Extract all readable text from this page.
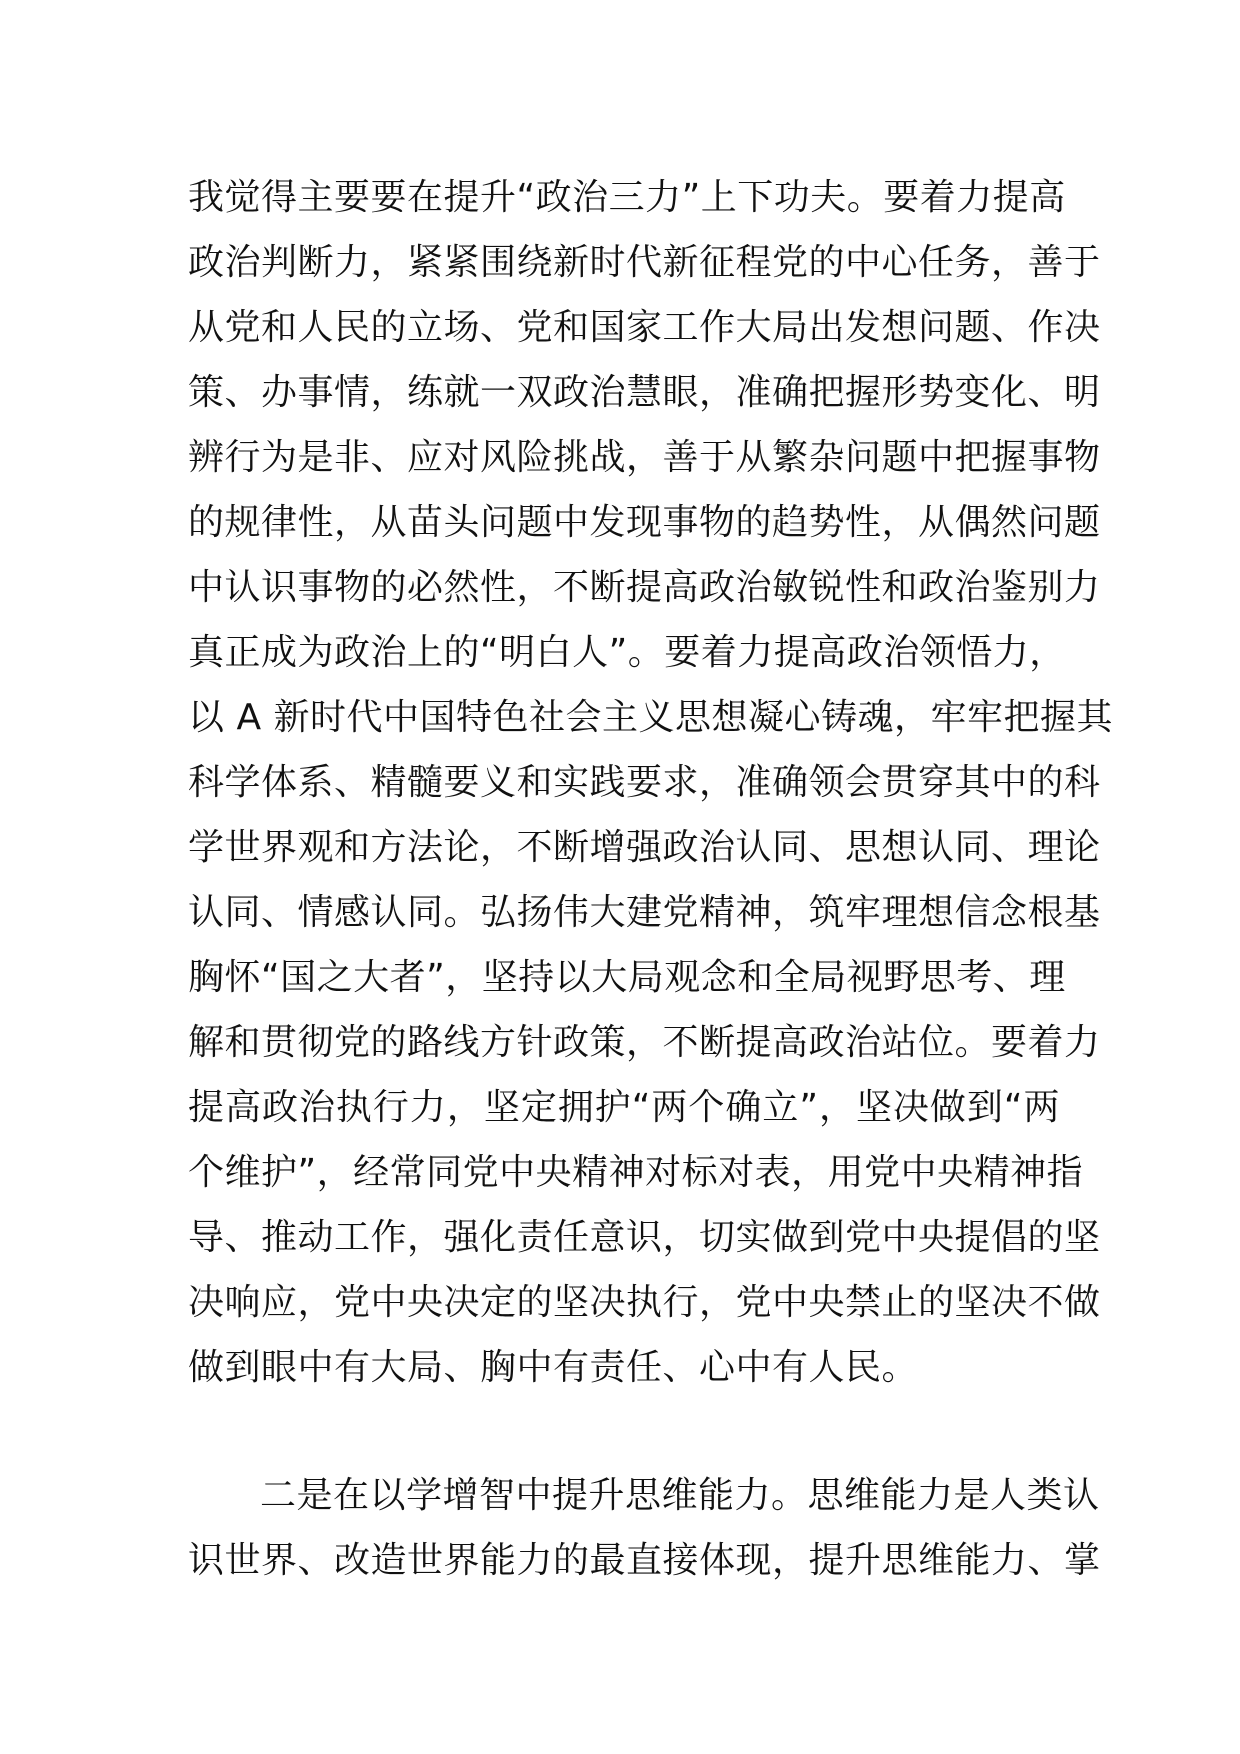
我觉得主要要在提升“政治三力”上下功夫。要着力提高
政治判断力，紧紧围绕新时代新征程党的中心任务，善于
从党和人民的立场、党和国家工作大局出发想问题、作决
策、办事情，练就一双政治慧眼，准确把握形势变化、明
辨行为是非、应对风险挑战，善于从繁杂问题中把握事物
的规律性，从苗头问题中发现事物的趋势性，从偶然问题
中认识事物的必然性，不断提高政治敏锐性和政治鉴别力
真正成为政治上的“明白人”。要着力提高政治领悟力，
以 A 新时代中国特色社会主义思想凝心铸魂，牢牢把握其
科学体系、精髓要义和实践要求，准确领会贯穿其中的科
学世界观和方法论，不断增强政治认同、思想认同、理论
认同、情感认同。弘扬伟大建党精神，筑牢理想信念根基
胸怀“国之大者”，坚持以大局观念和全局视野思考、理
解和贯彻党的路线方针政策，不断提高政治站位。要着力
提高政治执行力，坚定拥护“两个确立”，坚决做到“两
个维护”，经常同党中央精神对标对表，用党中央精神指
导、推动工作，强化责任意识，切实做到党中央提倡的坚
决响应，党中央决定的坚决执行，党中央禁止的坚决不做
做到眼中有大局、胸中有责任、心中有人民。
二是在以学增智中提升思维能力。思维能力是人类认
识世界、改造世界能力的最直接体现，提升思维能力、掌
